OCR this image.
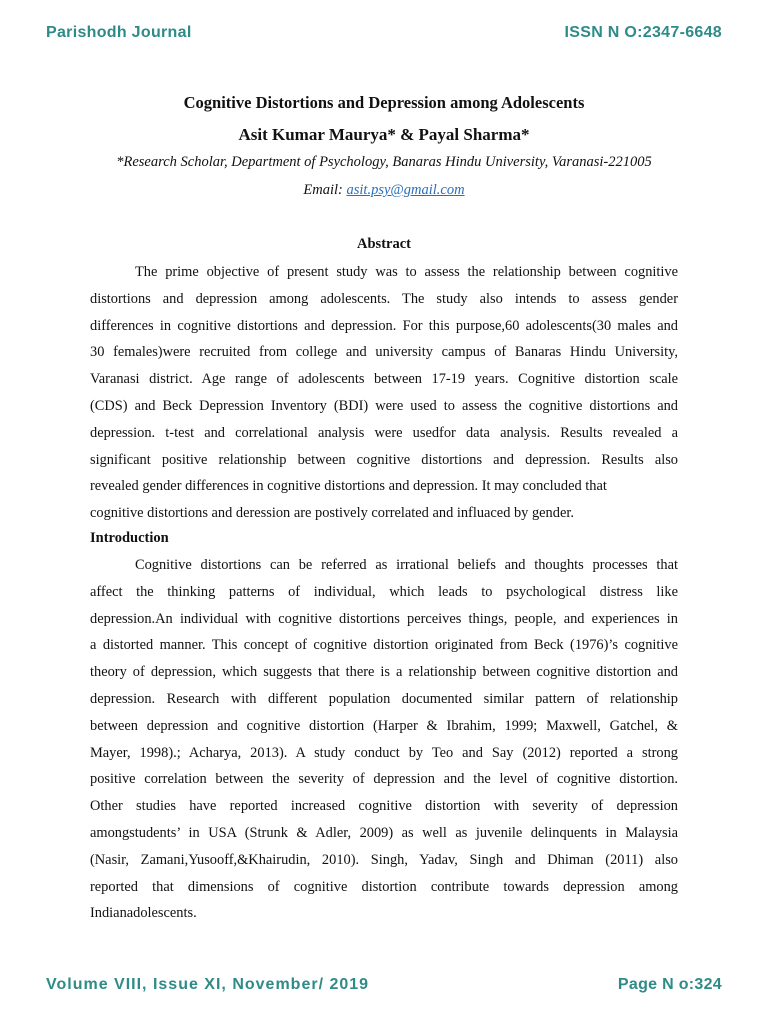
Parishodh Journal	ISSN N O:2347-6648
Cognitive Distortions and Depression among Adolescents
Asit Kumar Maurya* & Payal Sharma*
*Research Scholar, Department of Psychology, Banaras Hindu University, Varanasi-221005
Email: asit.psy@gmail.com
Abstract
The prime objective of present study was to assess the relationship between cognitive
distortions and depression among adolescents. The study also intends to assess gender
differences in cognitive distortions and depression. For this purpose,60 adolescents(30 males and
30 females)were recruited from college and university campus of Banaras Hindu University,
Varanasi district. Age range of adolescents between 17-19 years. Cognitive distortion scale
(CDS) and Beck Depression Inventory (BDI) were used to assess the cognitive distortions and
depression. t-test and correlational analysis were usedfor data analysis. Results revealed a
significant positive relationship between cognitive distortions and depression. Results also
revealed gender differences in cognitive distortions and depression. It may concluded that
cognitive distortions and deression are postively correlated and influaced by gender.
Introduction
Cognitive distortions can be referred as irrational beliefs and thoughts processes that
affect the thinking patterns of individual, which leads to psychological distress like
depression.An individual with cognitive distortions perceives things, people, and experiences in
a distorted manner. This concept of cognitive distortion originated from Beck (1976)’s cognitive
theory of depression, which suggests that there is a relationship between cognitive distortion and
depression. Research with different population documented similar pattern of relationship
between depression and cognitive distortion (Harper & Ibrahim, 1999; Maxwell, Gatchel, &
Mayer, 1998).; Acharya, 2013). A study conduct by Teo and Say (2012) reported a strong
positive correlation between the severity of depression and the level of cognitive distortion.
Other studies have reported increased cognitive distortion with severity of depression
amongstudents’ in USA (Strunk & Adler, 2009) as well as juvenile delinquents in Malaysia
(Nasir, Zamani,Yusooff,&Khairudin, 2010). Singh, Yadav, Singh and Dhiman (2011) also
reported that dimensions of cognitive distortion contribute towards depression among
Indianadolescents.
Volume VIII, Issue XI, November/ 2019	Page N o:324
